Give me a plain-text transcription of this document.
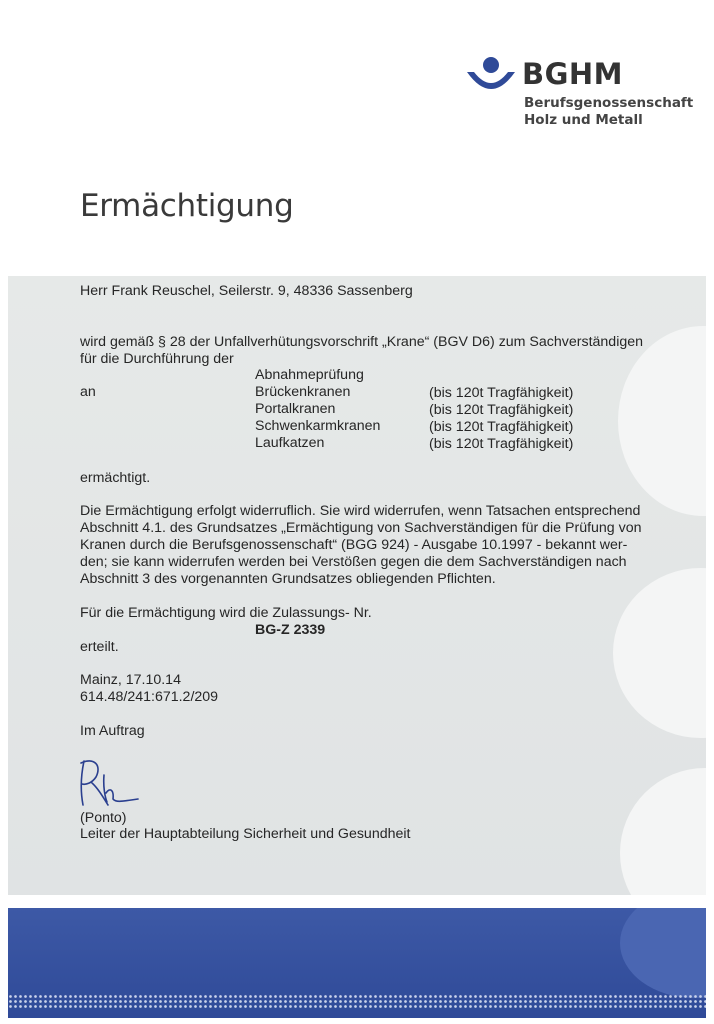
BGHM
Berufsgenossenschaft
Holz und Metall
Ermächtigung
Herr Frank Reuschel, Seilerstr. 9, 48336 Sassenberg
wird gemäß § 28 der Unfallverhütungsvorschrift „Krane“ (BGV D6) zum Sachverständigen
für die Durchführung der
Abnahmeprüfung
an	Brückenkranen	(bis 120t Tragfähigkeit)
Portalkranen	(bis 120t Tragfähigkeit)
Schwenkarmkranen	(bis 120t Tragfähigkeit)
Laufkatzen	(bis 120t Tragfähigkeit)
ermächtigt.
Die Ermächtigung erfolgt widerruflich. Sie wird widerrufen, wenn Tatsachen entsprechend
Abschnitt 4.1. des Grundsatzes „Ermächtigung von Sachverständigen für die Prüfung von
Kranen durch die Berufsgenossenschaft“ (BGG 924) - Ausgabe 10.1997 - bekannt wer-
den; sie kann widerrufen werden bei Verstößen gegen die dem Sachverständigen nach
Abschnitt 3 des vorgenannten Grundsatzes obliegenden Pflichten.
Für die Ermächtigung wird die Zulassungs- Nr.
BG-Z 2339
erteilt.
Mainz, 17.10.14
614.48/241:671.2/209
Im Auftrag
(Ponto)
Leiter der Hauptabteilung Sicherheit und Gesundheit
